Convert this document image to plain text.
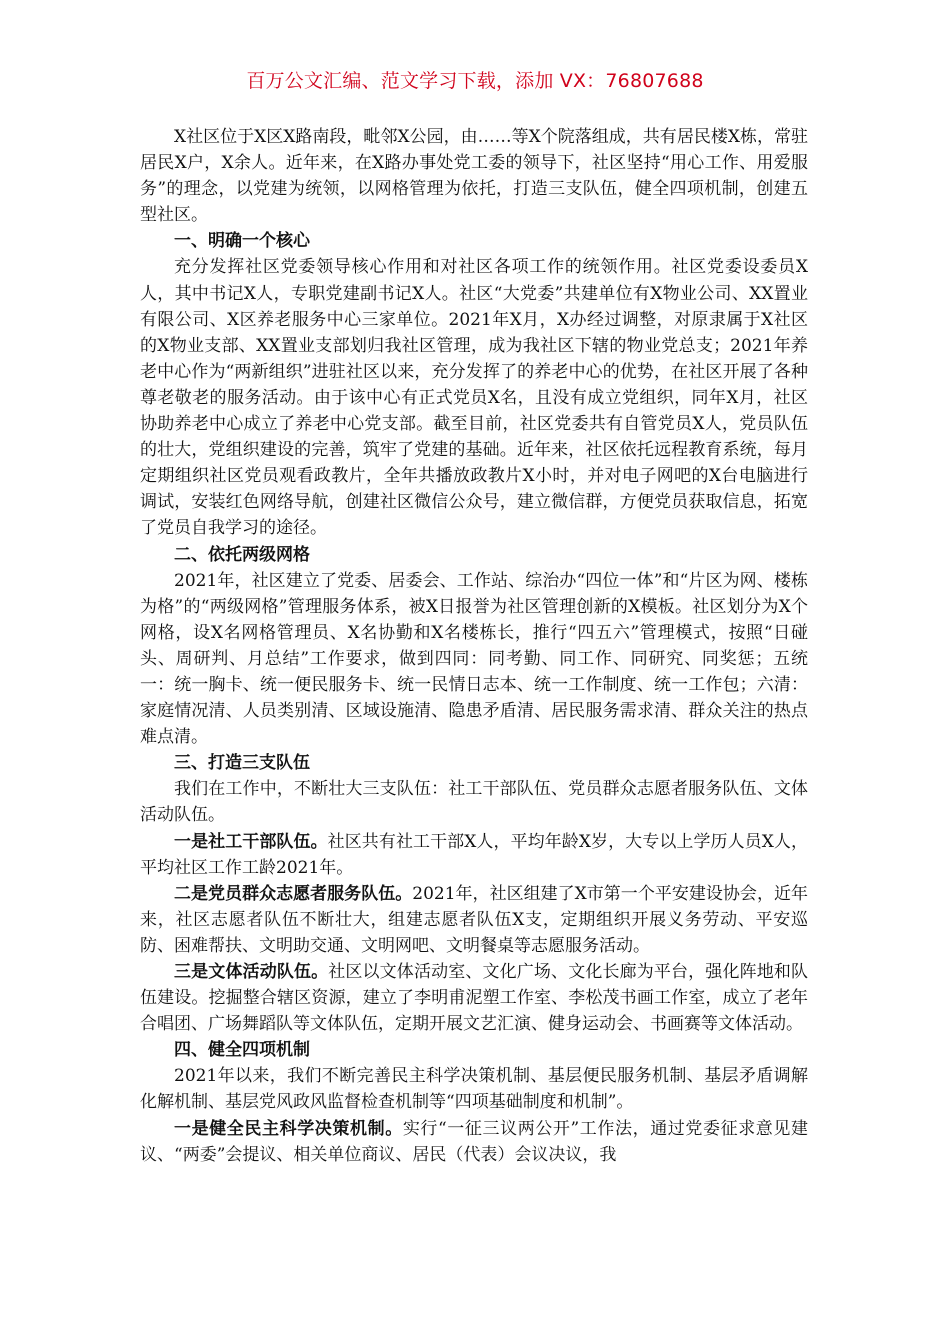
百万公文汇编、范文学习下载，添加 VX：76807688

X社区位于X区X路南段，毗邻X公园，由……等X个院落组成，共有居民楼X栋，常驻居民X户，X余人。近年来，在X路办事处党工委的领导下，社区坚持“用心工作、用爱服务”的理念，以党建为统领，以网格管理为依托，打造三支队伍，健全四项机制，创建五型社区。

一、明确一个核心

充分发挥社区党委领导核心作用和对社区各项工作的统领作用。社区党委设委员X人，其中书记X人，专职党建副书记X人。社区“大党委”共建单位有X物业公司、XX置业有限公司、X区养老服务中心三家单位。2021年X月，X办经过调整，对原隶属于X社区的X物业支部、XX置业支部划归我社区管理，成为我社区下辖的物业党总支；2021年养老中心作为“两新组织”进驻社区以来，充分发挥了的养老中心的优势，在社区开展了各种尊老敬老的服务活动。由于该中心有正式党员X名，且没有成立党组织，同年X月，社区协助养老中心成立了养老中心党支部。截至目前，社区党委共有自管党员X人，党员队伍的壮大，党组织建设的完善，筑牢了党建的基础。近年来，社区依托远程教育系统，每月定期组织社区党员观看政教片，全年共播放政教片X小时，并对电子网吧的X台电脑进行调试，安装红色网络导航，创建社区微信公众号，建立微信群，方便党员获取信息，拓宽了党员自我学习的途径。

二、依托两级网格

2021年，社区建立了党委、居委会、工作站、综治办“四位一体”和“片区为网、楼栋为格”的“两级网格”管理服务体系，被X日报誉为社区管理创新的X模板。社区划分为X个网格，设X名网格管理员、X名协勤和X名楼栋长，推行“四五六”管理模式，按照“日碰头、周研判、月总结”工作要求，做到四同：同考勤、同工作、同研究、同奖惩；五统一：统一胸卡、统一便民服务卡、统一民情日志本、统一工作制度、统一工作包；六清：家庭情况清、人员类别清、区域设施清、隐患矛盾清、居民服务需求清、群众关注的热点难点清。

三、打造三支队伍

我们在工作中，不断壮大三支队伍：社工干部队伍、党员群众志愿者服务队伍、文体活动队伍。

一是社工干部队伍。社区共有社工干部X人，平均年龄X岁，大专以上学历人员X人，平均社区工作工龄2021年。

二是党员群众志愿者服务队伍。2021年，社区组建了X市第一个平安建设协会，近年来，社区志愿者队伍不断壮大，组建志愿者队伍X支，定期组织开展义务劳动、平安巡防、困难帮扶、文明助交通、文明网吧、文明餐桌等志愿服务活动。

三是文体活动队伍。社区以文体活动室、文化广场、文化长廊为平台，强化阵地和队伍建设。挖掘整合辖区资源，建立了李明甫泥塑工作室、李松茂书画工作室，成立了老年合唱团、广场舞蹈队等文体队伍，定期开展文艺汇演、健身运动会、书画赛等文体活动。

四、健全四项机制

2021年以来，我们不断完善民主科学决策机制、基层便民服务机制、基层矛盾调解化解机制、基层党风政风监督检查机制等“四项基础制度和机制”。

一是健全民主科学决策机制。实行“一征三议两公开”工作法，通过党委征求意见建议、“两委”会提议、相关单位商议、居民（代表）会议决议，我
